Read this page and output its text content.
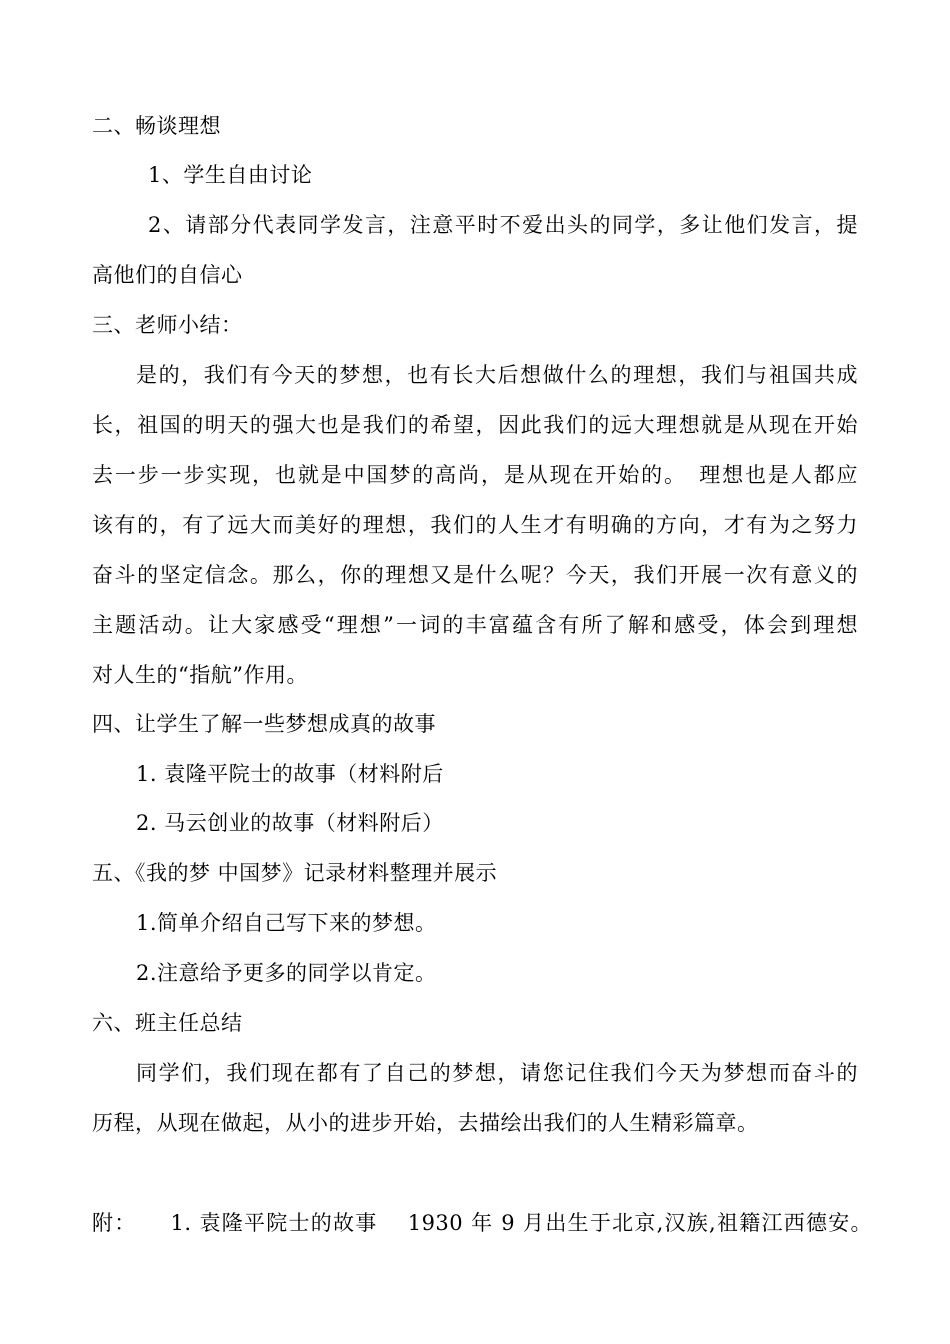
二、畅谈理想
1、学生自由讨论
2、请部分代表同学发言，注意平时不爱出头的同学，多让他们发言，提
高他们的自信心
三、老师小结：
是的，我们有今天的梦想，也有长大后想做什么的理想，我们与祖国共成
长，祖国的明天的强大也是我们的希望，因此我们的远大理想就是从现在开始
去一步一步实现，也就是中国梦的高尚，是从现在开始的。　理想也是人都应
该有的，有了远大而美好的理想，我们的人生才有明确的方向，才有为之努力
奋斗的坚定信念。那么，你的理想又是什么呢？今天，我们开展一次有意义的
主题活动。让大家感受“理想”一词的丰富蕴含有所了解和感受，体会到理想
对人生的“指航”作用。
四、让学生了解一些梦想成真的故事
1. 袁隆平院士的故事（材料附后
2. 马云创业的故事（材料附后）
五、《我的梦 中国梦》记录材料整理并展示
1.简单介绍自己写下来的梦想。
2.注意给予更多的同学以肯定。
六、班主任总结
同学们，我们现在都有了自己的梦想，请您记住我们今天为梦想而奋斗的
历程，从现在做起，从小的进步开始，去描绘出我们的人生精彩篇章。
附：　　1. 袁隆平院士的故事　 1930 年 9 月出生于北京,汉族,祖籍江西德安。
